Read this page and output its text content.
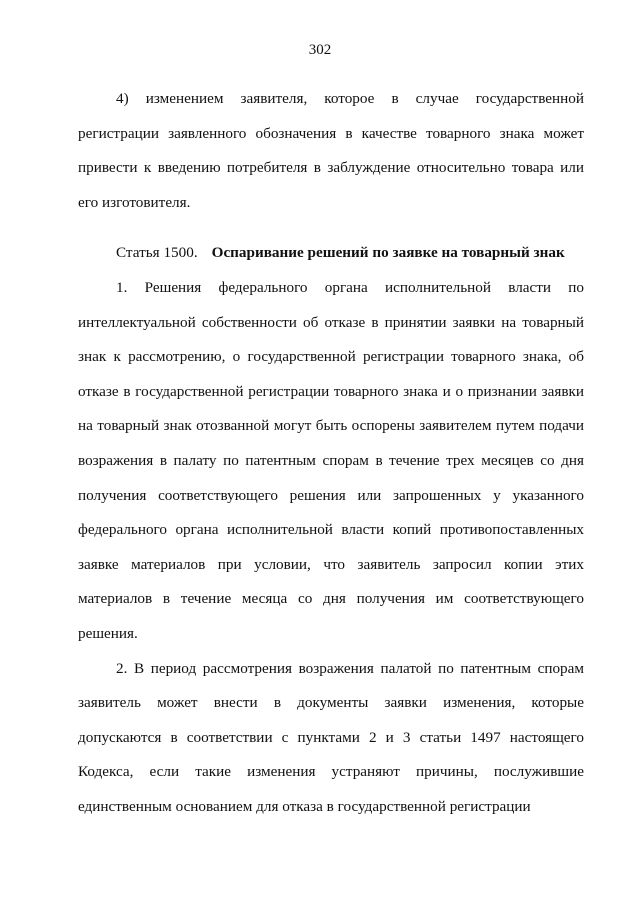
302

4) изменением заявителя, которое в случае государственной регистрации заявленного обозначения в качестве товарного знака может привести к введению потребителя в заблуждение относительно товара или его изготовителя.

Статья 1500. Оспаривание решений по заявке на товарный знак

1. Решения федерального органа исполнительной власти по интеллектуальной собственности об отказе в принятии заявки на товарный знак к рассмотрению, о государственной регистрации товарного знака, об отказе в государственной регистрации товарного знака и о признании заявки на товарный знак отозванной могут быть оспорены заявителем путем подачи возражения в палату по патентным спорам в течение трех месяцев со дня получения соответствующего решения или запрошенных у указанного федерального органа исполнительной власти копий противопоставленных заявке материалов при условии, что заявитель запросил копии этих материалов в течение месяца со дня получения им соответствующего решения.

2. В период рассмотрения возражения палатой по патентным спорам заявитель может внести в документы заявки изменения, которые допускаются в соответствии с пунктами 2 и 3 статьи 1497 настоящего Кодекса, если такие изменения устраняют причины, послужившие единственным основанием для отказа в государственной регистрации
